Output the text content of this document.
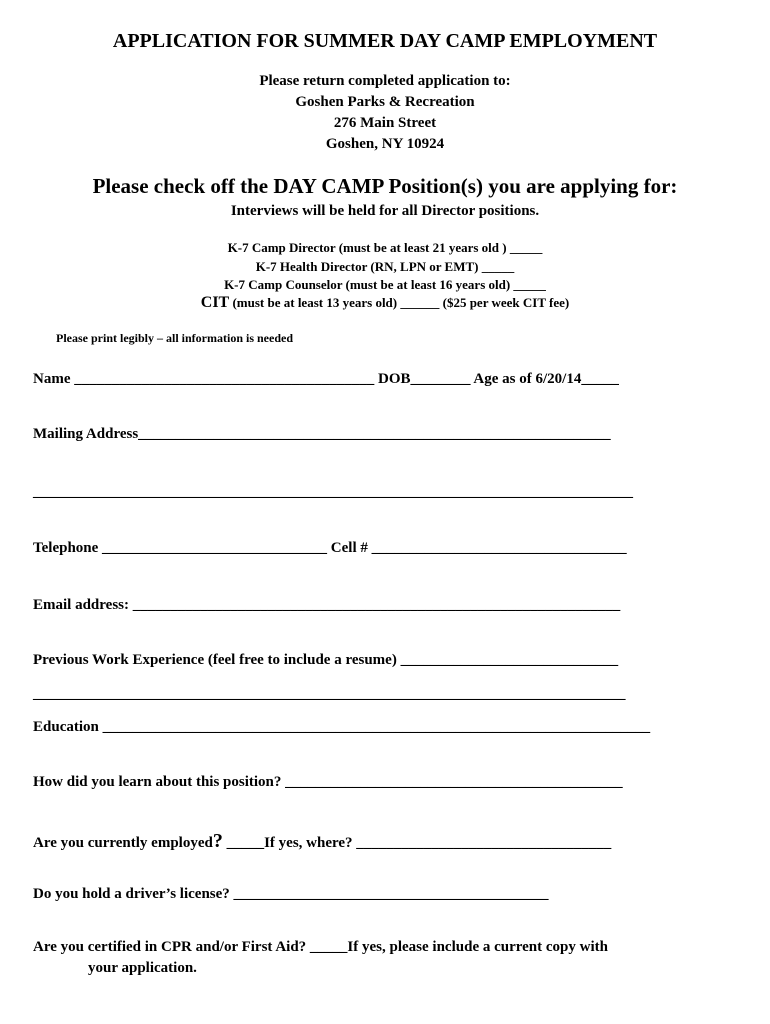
APPLICATION FOR SUMMER DAY CAMP EMPLOYMENT
Please return completed application to:
Goshen Parks & Recreation
276 Main Street
Goshen, NY 10924
Please check off the DAY CAMP Position(s) you are applying for:
Interviews will be held for all Director positions.
K-7 Camp Director (must be at least 21 years old ) _____
K-7 Health Director (RN, LPN or EMT) _____
K-7 Camp Counselor (must be at least 16 years old) _____
CIT (must be at least 13 years old) ______ ($25 per week CIT fee)
Please print legibly – all information is needed
Name ________________________________________ DOB________ Age as of 6/20/14_____
Mailing Address_______________________________________________________________
________________________________________________________________________________
Telephone ______________________________ Cell # __________________________________
Email address: _________________________________________________________________
Previous Work Experience (feel free to include a resume) _____________________________
_______________________________________________________________________________
Education _________________________________________________________________________
How did you learn about this position? _____________________________________________
Are you currently employed? _____If yes, where? __________________________________
Do you hold a driver’s license? __________________________________________
Are you certified in CPR and/or First Aid? _____If yes, please include a current copy with
your application.
